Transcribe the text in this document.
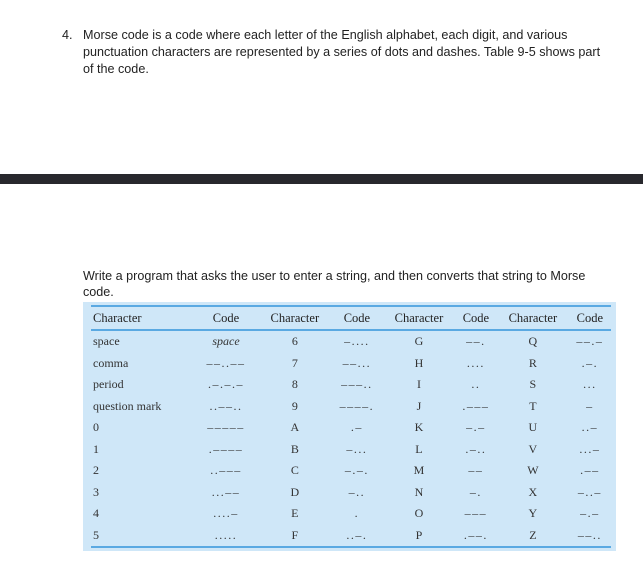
4. Morse code is a code where each letter of the English alphabet, each digit, and various punctuation characters are represented by a series of dots and dashes. Table 9-5 shows part of the code.
Write a program that asks the user to enter a string, and then converts that string to Morse code.
Character	Code	Character	Code	Character	Code	Character	Code
space	space	6	–....	G	––.	Q	––.–
comma	––..––	7	––...	H	....	R	.–.
period	.–.–.–	8	–––..	I	..	S	...
question mark	..––..	9	––––.	J	.–––	T	–
0	–––––	A	.–	K	–.–	U	..–
1	.––––	B	–...	L	.–..	V	...–
2	..–––	C	–.–.	M	––	W	.––
3	...––	D	–..	N	–.	X	–..–
4	....–	E	.	O	–––	Y	–.–
5	.....	F	..–.	P	.––.	Z	––..
